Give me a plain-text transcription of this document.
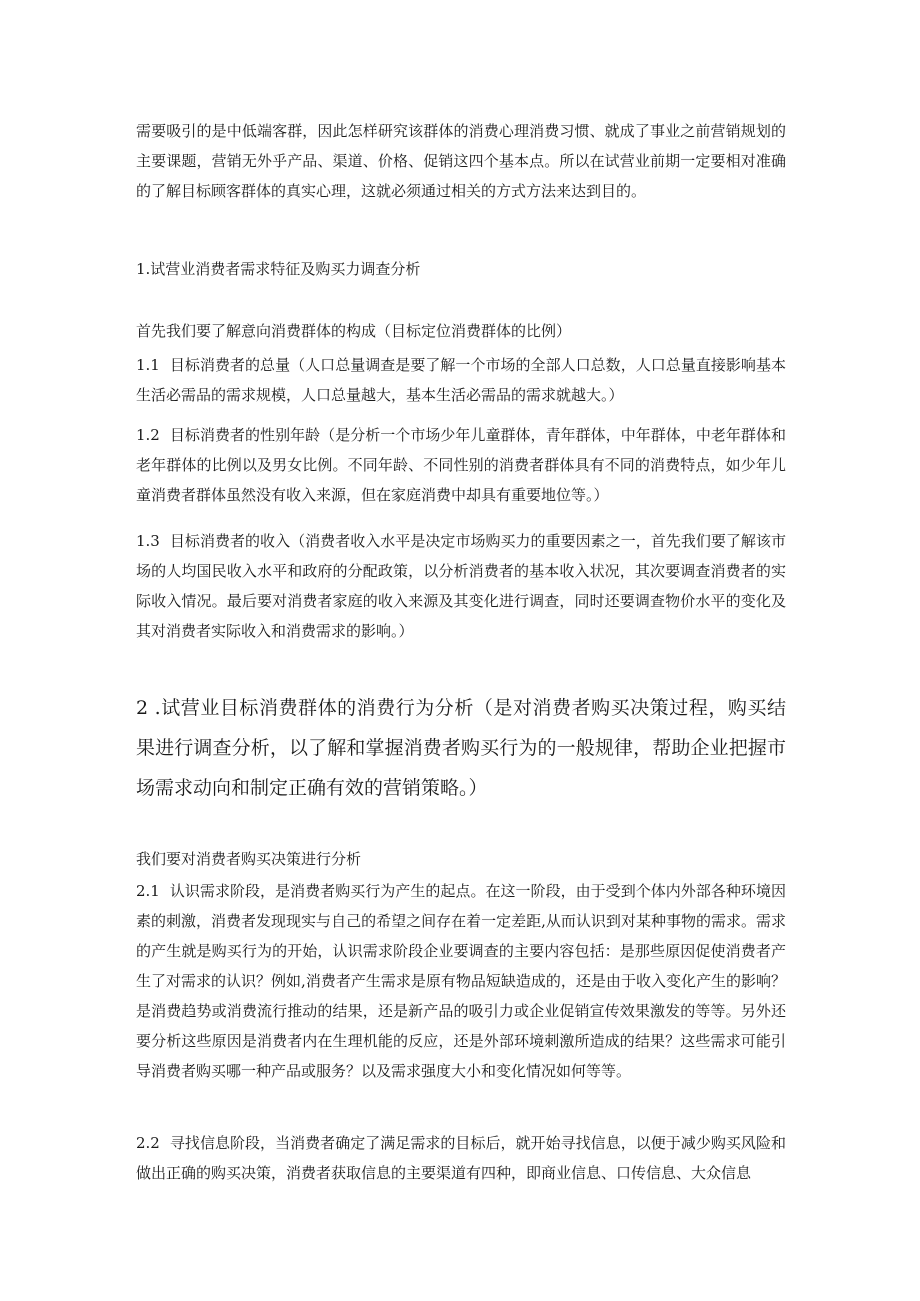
需要吸引的是中低端客群，因此怎样研究该群体的消费心理消费习惯、就成了事业之前营销规划的主要课题，营销无外乎产品、渠道、价格、促销这四个基本点。所以在试营业前期一定要相对准确的了解目标顾客群体的真实心理，这就必须通过相关的方式方法来达到目的。

1.试营业消费者需求特征及购买力调查分析

首先我们要了解意向消费群体的构成（目标定位消费群体的比例）

1.1 目标消费者的总量（人口总量调查是要了解一个市场的全部人口总数，人口总量直接影响基本生活必需品的需求规模，人口总量越大，基本生活必需品的需求就越大。）

1.2 目标消费者的性别年龄（是分析一个市场少年儿童群体，青年群体，中年群体，中老年群体和老年群体的比例以及男女比例。不同年龄、不同性别的消费者群体具有不同的消费特点，如少年儿童消费者群体虽然没有收入来源，但在家庭消费中却具有重要地位等。）

1.3 目标消费者的收入（消费者收入水平是决定市场购买力的重要因素之一，首先我们要了解该市场的人均国民收入水平和政府的分配政策，以分析消费者的基本收入状况，其次要调查消费者的实际收入情况。最后要对消费者家庭的收入来源及其变化进行调查，同时还要调查物价水平的变化及其对消费者实际收入和消费需求的影响。）

2 .试营业目标消费群体的消费行为分析（是对消费者购买决策过程，购买结果进行调查分析，以了解和掌握消费者购买行为的一般规律，帮助企业把握市场需求动向和制定正确有效的营销策略。）

我们要对消费者购买决策进行分析

2.1 认识需求阶段，是消费者购买行为产生的起点。在这一阶段，由于受到个体内外部各种环境因素的刺激，消费者发现现实与自己的希望之间存在着一定差距,从而认识到对某种事物的需求。需求的产生就是购买行为的开始，认识需求阶段企业要调查的主要内容包括：是那些原因促使消费者产生了对需求的认识？例如,消费者产生需求是原有物品短缺造成的，还是由于收入变化产生的影响？是消费趋势或消费流行推动的结果，还是新产品的吸引力或企业促销宣传效果激发的等等。另外还要分析这些原因是消费者内在生理机能的反应，还是外部环境刺激所造成的结果？这些需求可能引导消费者购买哪一种产品或服务？以及需求强度大小和变化情况如何等等。

2.2 寻找信息阶段，当消费者确定了满足需求的目标后，就开始寻找信息，以便于减少购买风险和做出正确的购买决策，消费者获取信息的主要渠道有四种，即商业信息、口传信息、大众信息
